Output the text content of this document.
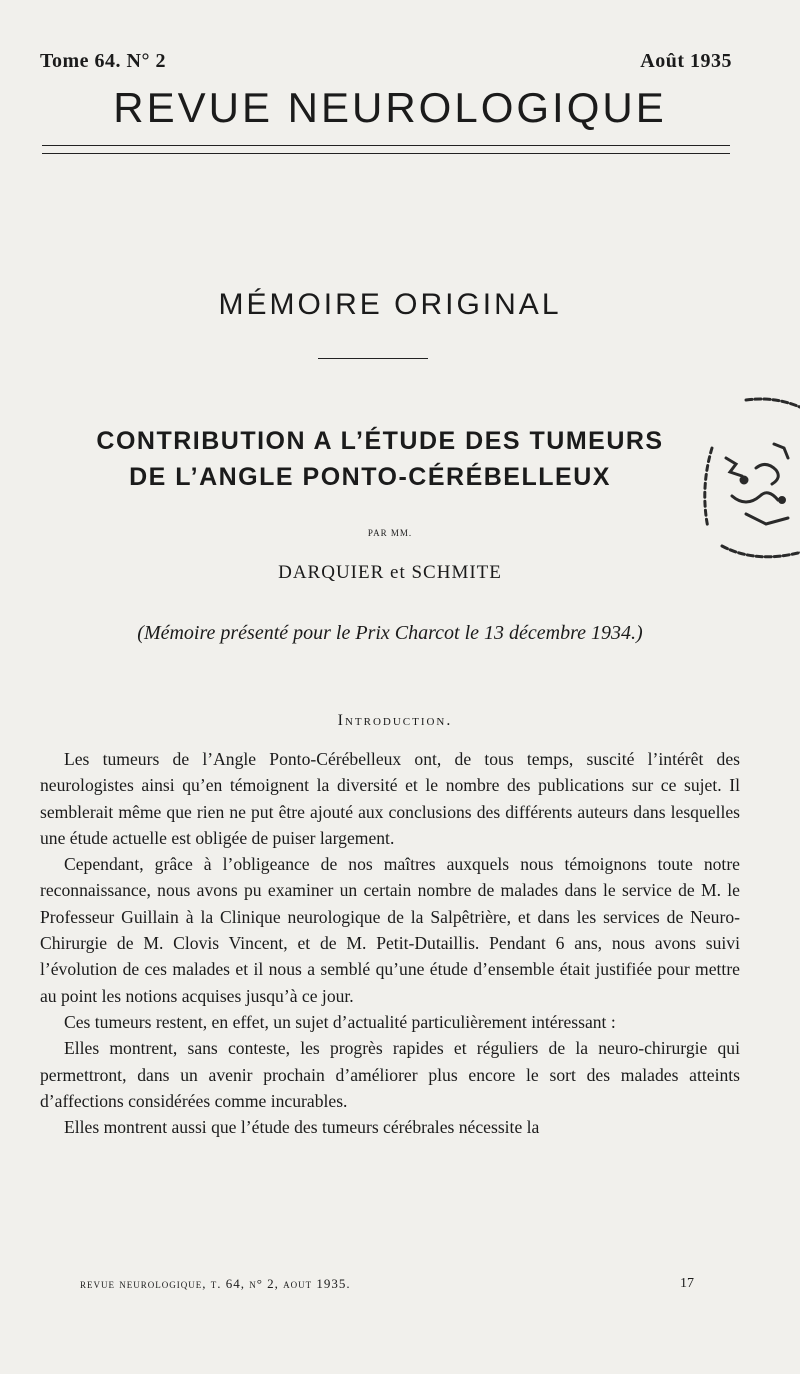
Tome 64. N° 2	Août 1935
REVUE NEUROLOGIQUE
MÉMOIRE ORIGINAL
CONTRIBUTION A L’ÉTUDE DES TUMEURS
DE L’ANGLE PONTO-CÉRÉBELLEUX
PAR MM.
DARQUIER et SCHMITE
(Mémoire présenté pour le Prix Charcot le 13 décembre 1934.)
Introduction.

Les tumeurs de l’Angle Ponto-Cérébelleux ont, de tous temps, suscité l’intérêt des neurologistes ainsi qu’en témoignent la diversité et le nombre des publications sur ce sujet. Il semblerait même que rien ne put être ajouté aux conclusions des différents auteurs dans lesquelles une étude actuelle est obligée de puiser largement.

Cependant, grâce à l’obligeance de nos maîtres auxquels nous témoignons toute notre reconnaissance, nous avons pu examiner un certain nombre de malades dans le service de M. le Professeur Guillain à la Clinique neurologique de la Salpêtrière, et dans les services de Neuro-Chirurgie de M. Clovis Vincent, et de M. Petit-Dutaillis. Pendant 6 ans, nous avons suivi l’évolution de ces malades et il nous a semblé qu’une étude d’ensemble était justifiée pour mettre au point les notions acquises jusqu’à ce jour.

Ces tumeurs restent, en effet, un sujet d’actualité particulièrement intéressant :

Elles montrent, sans conteste, les progrès rapides et réguliers de la neuro-chirurgie qui permettront, dans un avenir prochain d’améliorer plus encore le sort des malades atteints d’affections considérées comme incurables.

Elles montrent aussi que l’étude des tumeurs cérébrales nécessite la

revue neurologique, t. 64, n° 2, aout 1935.	17
